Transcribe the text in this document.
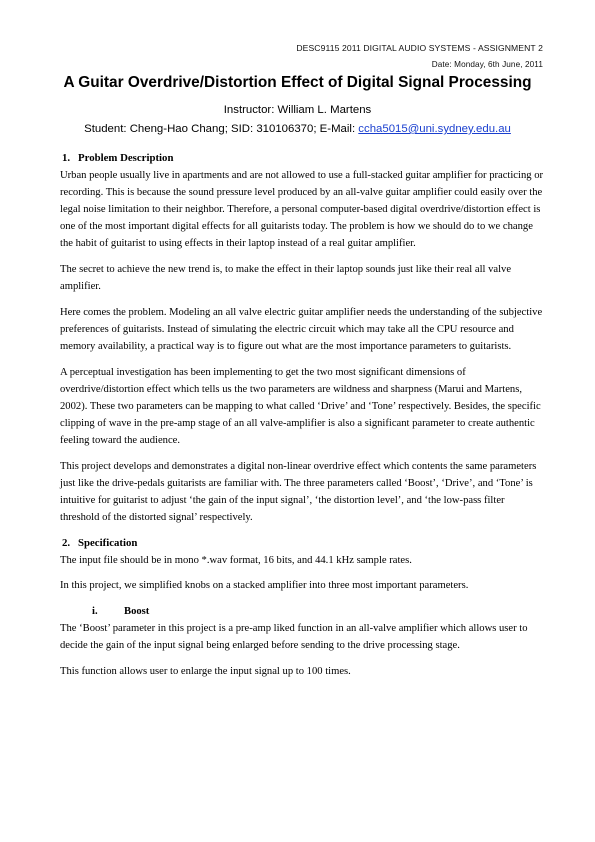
DESC9115 2011 DIGITAL AUDIO SYSTEMS - ASSIGNMENT 2
Date: Monday, 6th June, 2011
A Guitar Overdrive/Distortion Effect of Digital Signal Processing
Instructor: William L. Martens
Student: Cheng-Hao Chang; SID: 310106370; E-Mail: ccha5015@uni.sydney.edu.au
1. Problem Description

Urban people usually live in apartments and are not allowed to use a full-stacked guitar amplifier for practicing or recording. This is because the sound pressure level produced by an all-valve guitar amplifier could easily over the legal noise limitation to their neighbor. Therefore, a personal computer-based digital overdrive/distortion effect is one of the most important digital effects for all guitarists today. The problem is how we should do to we change the habit of guitarist to using effects in their laptop instead of a real guitar amplifier.

The secret to achieve the new trend is, to make the effect in their laptop sounds just like their real all valve amplifier.

Here comes the problem. Modeling an all valve electric guitar amplifier needs the understanding of the subjective preferences of guitarists. Instead of simulating the electric circuit which may take all the CPU resource and memory availability, a practical way is to figure out what are the most importance parameters to guitarists.

A perceptual investigation has been implementing to get the two most significant dimensions of overdrive/distortion effect which tells us the two parameters are wildness and sharpness (Marui and Martens, 2002). These two parameters can be mapping to what called ‘Drive’ and ‘Tone’ respectively. Besides, the specific clipping of wave in the pre-amp stage of an all valve-amplifier is also a significant parameter to create authentic feeling toward the audience.

This project develops and demonstrates a digital non-linear overdrive effect which contents the same parameters just like the drive-pedals guitarists are familiar with. The three parameters called ‘Boost’, ‘Drive’, and ‘Tone’ is intuitive for guitarist to adjust ‘the gain of the input signal’, ‘the distortion level’, and ‘the low-pass filter threshold of the distorted signal’ respectively.

2. Specification

The input file should be in mono *.wav format, 16 bits, and 44.1 kHz sample rates.

In this project, we simplified knobs on a stacked amplifier into three most important parameters.

i. Boost

The ‘Boost’ parameter in this project is a pre-amp liked function in an all-valve amplifier which allows user to decide the gain of the input signal being enlarged before sending to the drive processing stage.

This function allows user to enlarge the input signal up to 100 times.
